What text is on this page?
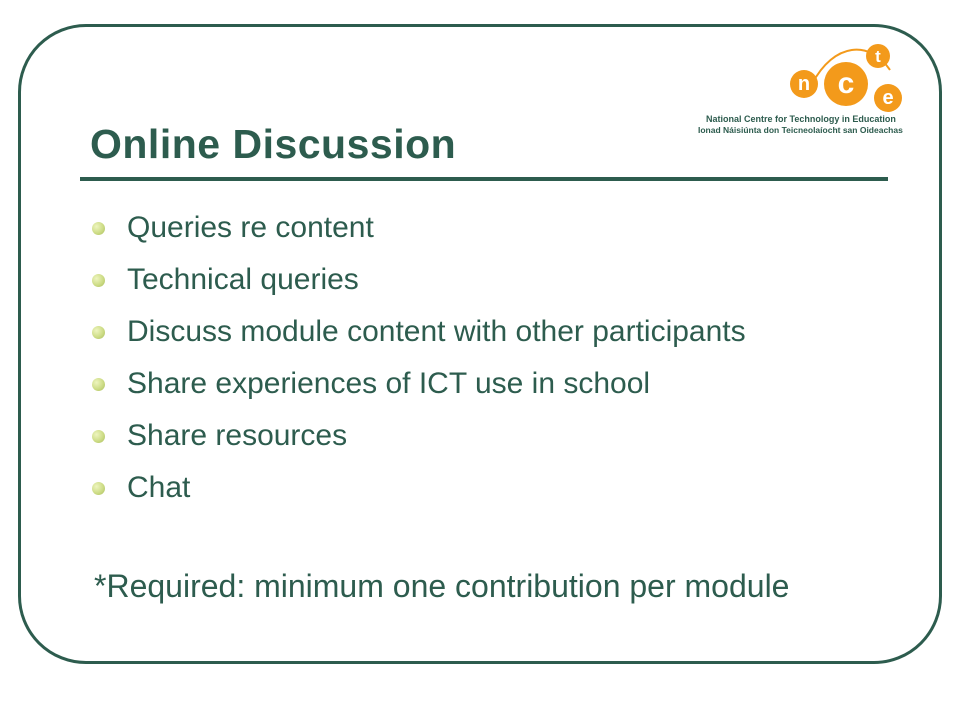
n c
t
e
National Centre for Technology in Education
Ionad Náisiúnta don Teicneolaíocht san Oideachas
Online Discussion
Queries re content
Technical queries
Discuss module content with other participants
Share experiences of ICT use in school
Share resources
Chat
*Required: minimum one contribution per module
